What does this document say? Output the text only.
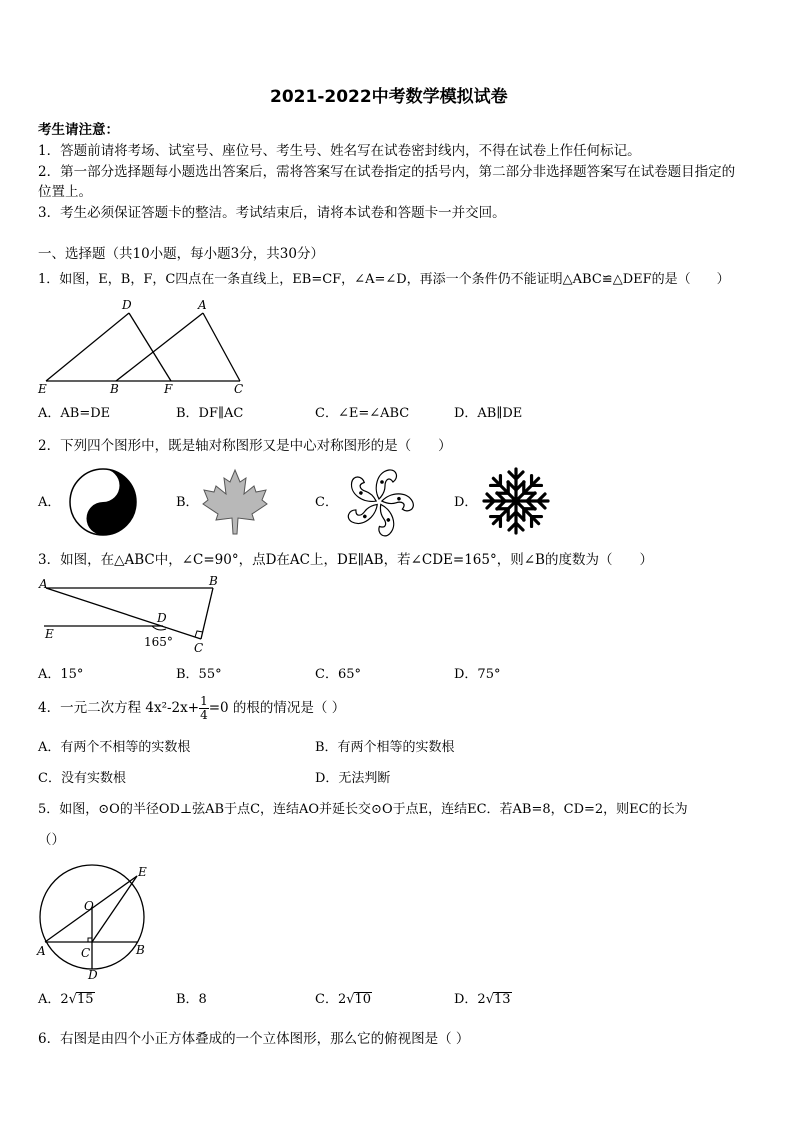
2021-2022中考数学模拟试卷
考生请注意：
1．答题前请将考场、试室号、座位号、考生号、姓名写在试卷密封线内，不得在试卷上作任何标记。
2．第一部分选择题每小题选出答案后，需将答案写在试卷指定的括号内，第二部分非选择题答案写在试卷题目指定的
位置上。
3．考生必须保证答题卡的整洁。考试结束后，请将本试卷和答题卡一并交回。
一、选择题（共10小题，每小题3分，共30分）
1．如图，E，B，F，C四点在一条直线上，EB=CF，∠A=∠D，再添一个条件仍不能证明△ABC≌△DEF的是（　　）
D	A
E	B	F	C
A．AB=DE	B．DF∥AC	C．∠E=∠ABC	D．AB∥DE
2．下列四个图形中，既是轴对称图形又是中心对称图形的是（　　）
A．	B．	C．	D．
3．如图，在△ABC中，∠C=90°，点D在AC上，DE∥AB，若∠CDE=165°，则∠B的度数为（　　）
A	B
D
E
165° C
A．15°	B．55°	C．65°	D．75°
4．一元二次方程 $4x^2-2x+ \frac{1}{4} =0$ 的根的情况是（ ）
A．有两个不相等的实数根	B．有两个相等的实数根
C．没有实数根	D．无法判断
5．如图，⊙O的半径OD⊥弦AB于点C，连结AO并延长交⊙O于点E，连结EC．若AB=8，CD=2，则EC的长为
（）
E
O
A	C	B
D
A．2√15	B．8	C．2√10	D．2√13
6．右图是由四个小正方体叠成的一个立体图形，那么它的俯视图是（ ）
